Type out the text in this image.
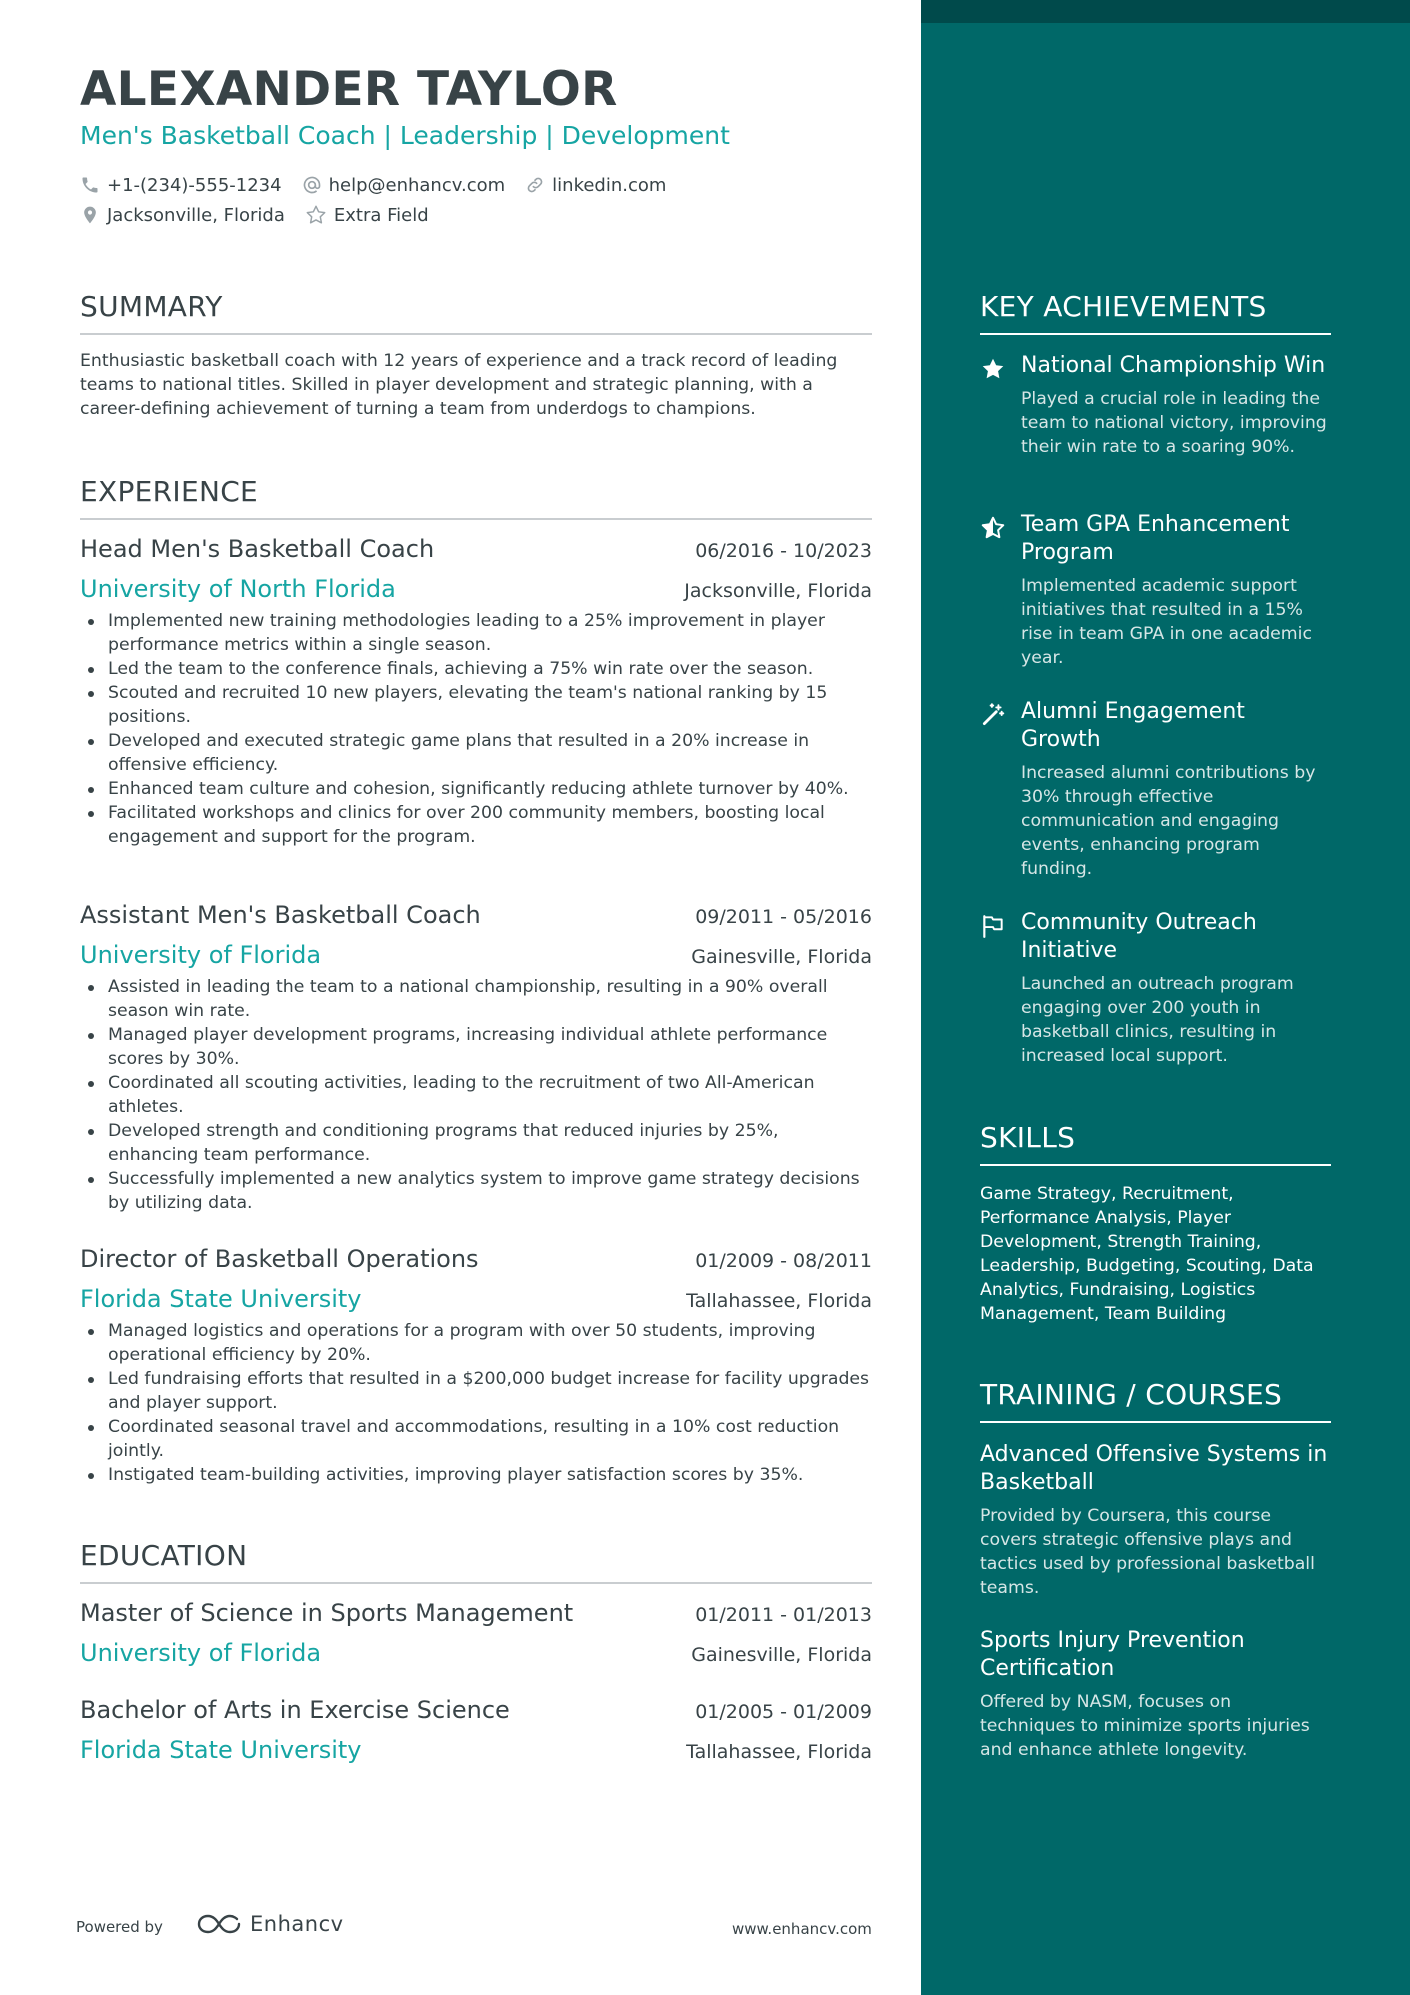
ALEXANDER TAYLOR
Men's Basketball Coach | Leadership | Development
+1-(234)-555-1234	help@enhancv.com	linkedin.com
Jacksonville, Florida	Extra Field
SUMMARY
Enthusiastic basketball coach with 12 years of experience and a track record of leading teams to national titles. Skilled in player development and strategic planning, with a career-defining achievement of turning a team from underdogs to champions.
EXPERIENCE
Head Men's Basketball Coach	06/2016 - 10/2023
University of North Florida	Jacksonville, Florida
Implemented new training methodologies leading to a 25% improvement in player performance metrics within a single season.
Led the team to the conference finals, achieving a 75% win rate over the season.
Scouted and recruited 10 new players, elevating the team's national ranking by 15 positions.
Developed and executed strategic game plans that resulted in a 20% increase in offensive efficiency.
Enhanced team culture and cohesion, significantly reducing athlete turnover by 40%.
Facilitated workshops and clinics for over 200 community members, boosting local engagement and support for the program.
Assistant Men's Basketball Coach	09/2011 - 05/2016
University of Florida	Gainesville, Florida
Assisted in leading the team to a national championship, resulting in a 90% overall season win rate.
Managed player development programs, increasing individual athlete performance scores by 30%.
Coordinated all scouting activities, leading to the recruitment of two All-American athletes.
Developed strength and conditioning programs that reduced injuries by 25%, enhancing team performance.
Successfully implemented a new analytics system to improve game strategy decisions by utilizing data.
Director of Basketball Operations	01/2009 - 08/2011
Florida State University	Tallahassee, Florida
Managed logistics and operations for a program with over 50 students, improving operational efficiency by 20%.
Led fundraising efforts that resulted in a $200,000 budget increase for facility upgrades and player support.
Coordinated seasonal travel and accommodations, resulting in a 10% cost reduction jointly.
Instigated team-building activities, improving player satisfaction scores by 35%.
EDUCATION
Master of Science in Sports Management	01/2011 - 01/2013
University of Florida	Gainesville, Florida
Bachelor of Arts in Exercise Science	01/2005 - 01/2009
Florida State University	Tallahassee, Florida
Powered by	Enhancv	www.enhancv.com
KEY ACHIEVEMENTS
National Championship Win
Played a crucial role in leading the team to national victory, improving their win rate to a soaring 90%.
Team GPA Enhancement Program
Implemented academic support initiatives that resulted in a 15% rise in team GPA in one academic year.
Alumni Engagement Growth
Increased alumni contributions by 30% through effective communication and engaging events, enhancing program funding.
Community Outreach Initiative
Launched an outreach program engaging over 200 youth in basketball clinics, resulting in increased local support.
SKILLS
Game Strategy, Recruitment, Performance Analysis, Player Development, Strength Training, Leadership, Budgeting, Scouting, Data Analytics, Fundraising, Logistics Management, Team Building
TRAINING / COURSES
Advanced Offensive Systems in Basketball
Provided by Coursera, this course covers strategic offensive plays and tactics used by professional basketball teams.
Sports Injury Prevention Certification
Offered by NASM, focuses on techniques to minimize sports injuries and enhance athlete longevity.
